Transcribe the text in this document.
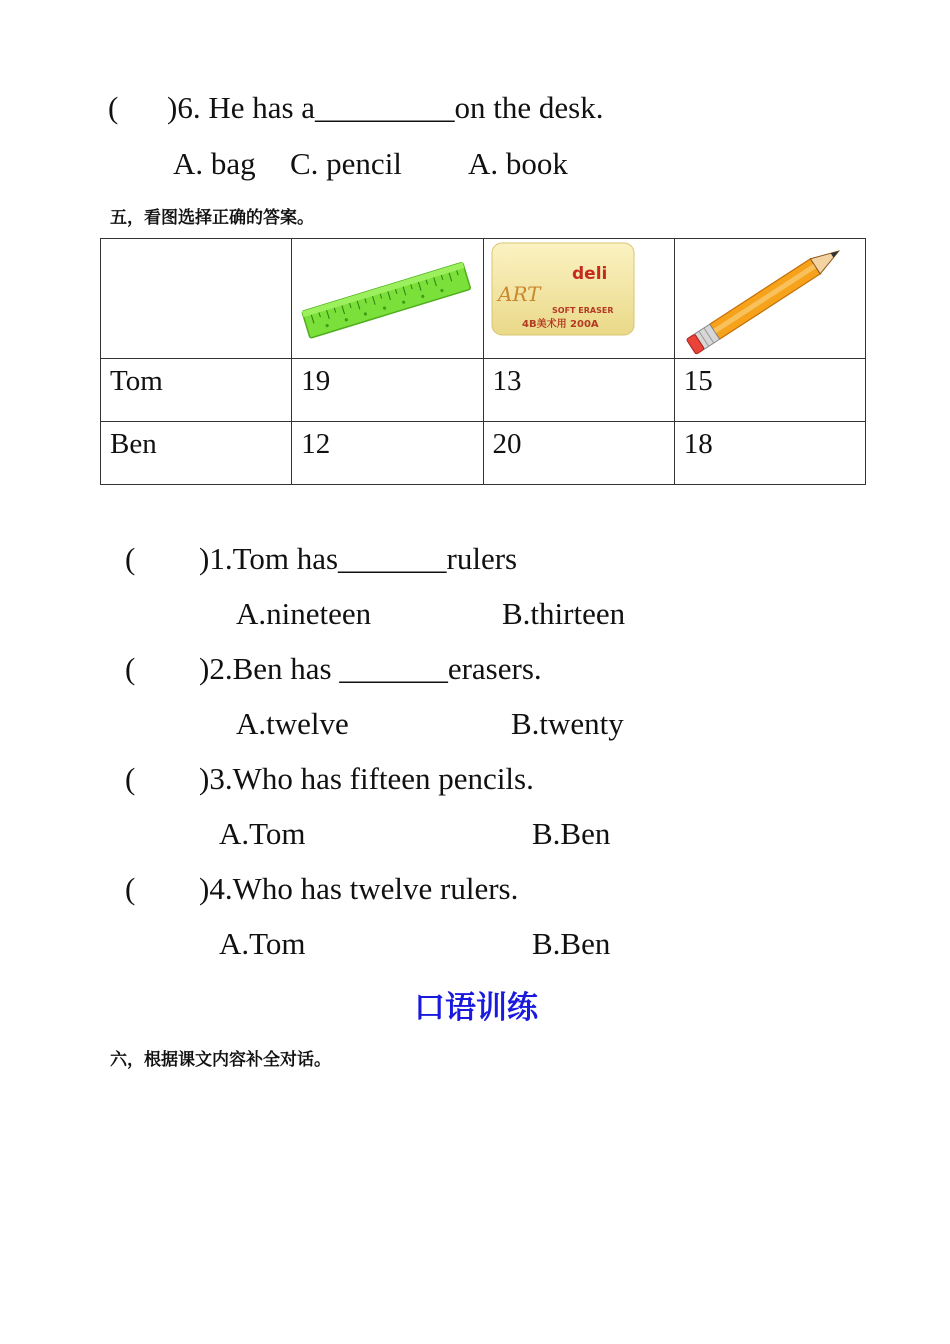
( )6. He has a_________on the desk.
A. bag C. pencil A. book
五，看图选择正确的答案。

deli
ART
SOFT ERASER
4B美术用 200A

Tom	19	13	15

Ben	12	20	18
( )1.Tom has_______rulers
A.nineteen	B.thirteen
( )2.Ben has _______erasers.
A.twelve	B.twenty
( )3.Who has fifteen pencils.
A.Tom	B.Ben
( )4.Who has twelve rulers.
A.Tom	B.Ben
口语训练
六，根据课文内容补全对话。
